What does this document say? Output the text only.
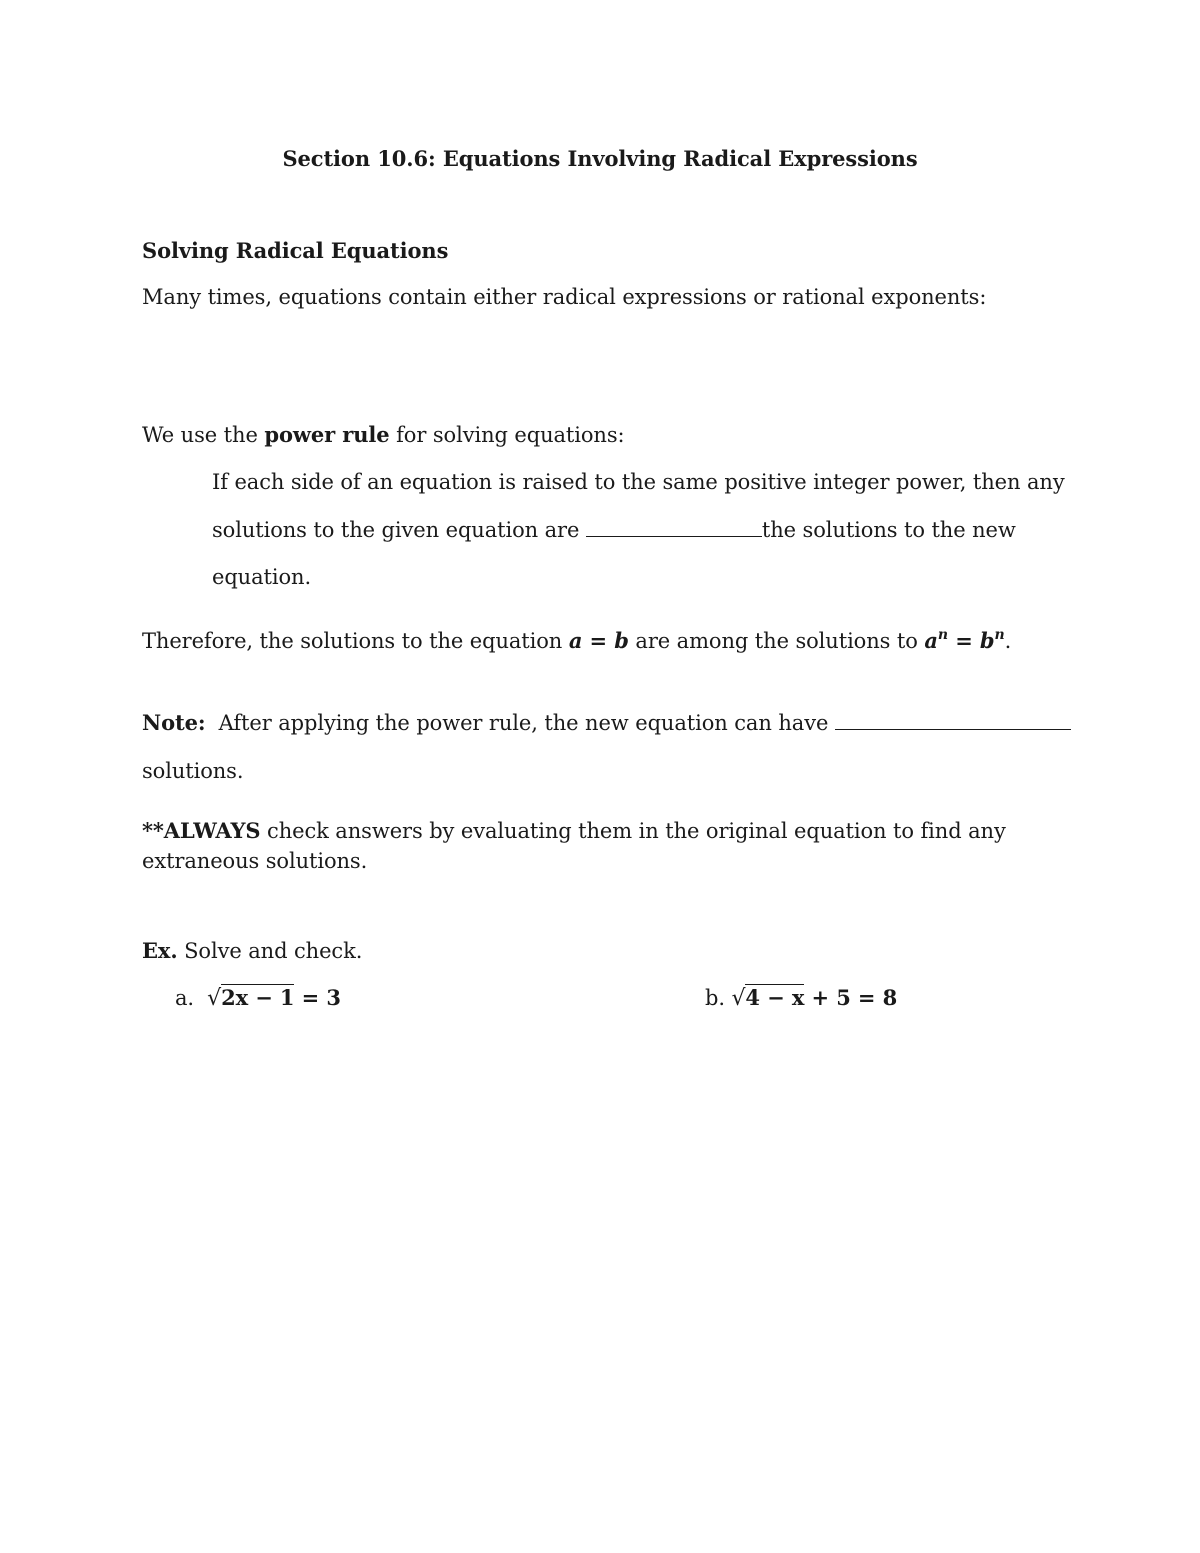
Section 10.6: Equations Involving Radical Expressions
Solving Radical Equations
Many times, equations contain either radical expressions or rational exponents:
We use the power rule for solving equations:
If each side of an equation is raised to the same positive integer power, then any
solutions to the given equation are	the solutions to the new
equation.
Therefore, the solutions to the equation a = b are among the solutions to $a^n = b^n$.
Note:  After applying the power rule, the new equation can have
solutions.
**ALWAYS check answers by evaluating them in the original equation to find any
extraneous solutions.
Ex. Solve and check.
a. √2x − 1 = 3	b. √4 − x + 5 = 8
